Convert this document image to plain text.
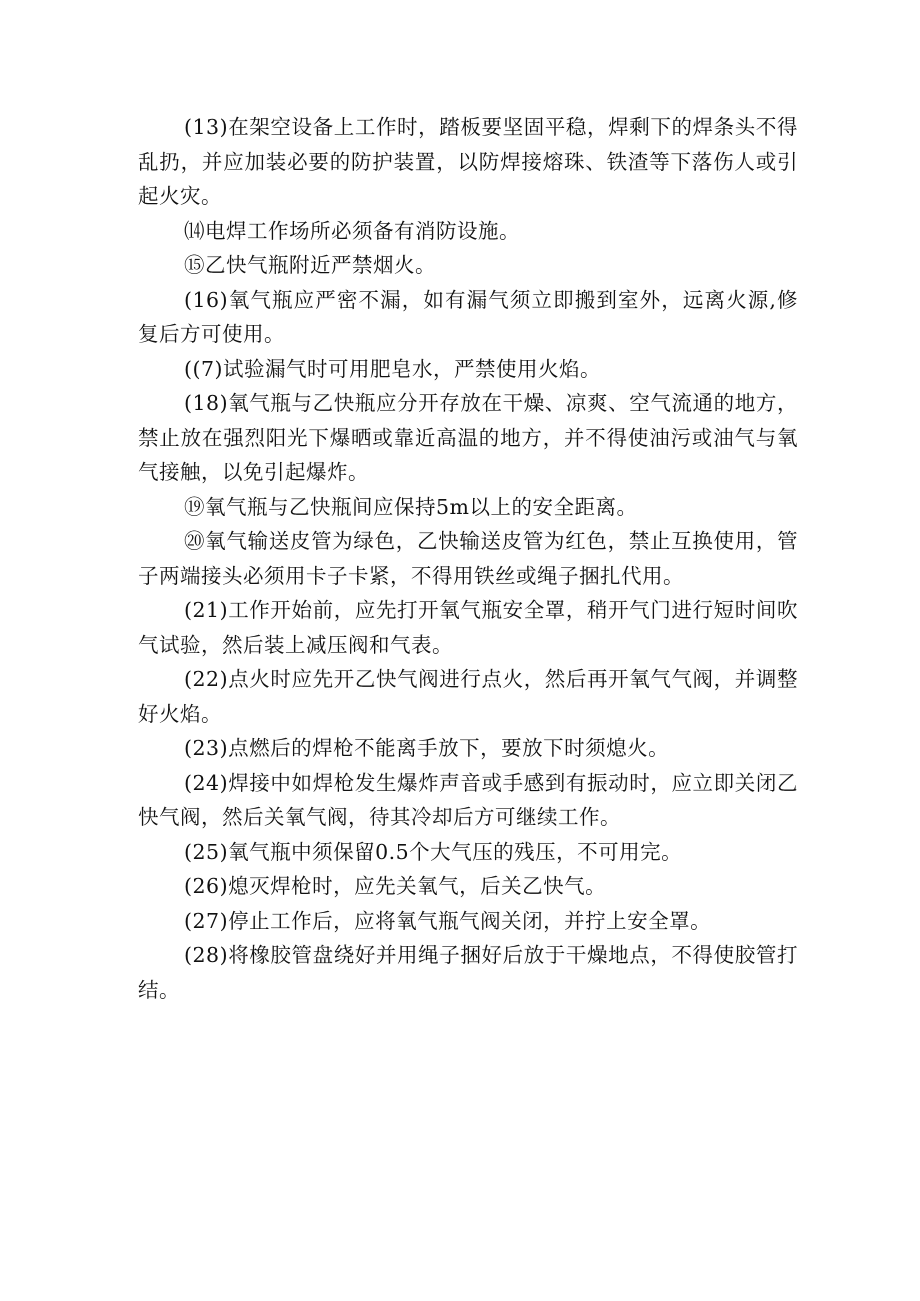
(13)在架空设备上工作时，踏板要坚固平稳，焊剩下的焊条头不得乱扔，并应加装必要的防护装置，以防焊接熔珠、铁渣等下落伤人或引起火灾。

⒁电焊工作场所必须备有消防设施。

⑮乙快气瓶附近严禁烟火。

(16)氧气瓶应严密不漏，如有漏气须立即搬到室外，远离火源,修复后方可使用。

((7)试验漏气时可用肥皂水，严禁使用火焰。

(18)氧气瓶与乙快瓶应分开存放在干燥、凉爽、空气流通的地方，禁止放在强烈阳光下爆晒或靠近高温的地方，并不得使油污或油气与氧气接触，以免引起爆炸。

⑲氧气瓶与乙快瓶间应保持5m以上的安全距离。

⑳氧气输送皮管为绿色，乙快输送皮管为红色，禁止互换使用，管子两端接头必须用卡子卡紧，不得用铁丝或绳子捆扎代用。

(21)工作开始前，应先打开氧气瓶安全罩，稍开气门进行短时间吹气试验，然后装上减压阀和气表。

(22)点火时应先开乙快气阀进行点火，然后再开氧气气阀，并调整好火焰。

(23)点燃后的焊枪不能离手放下，要放下时须熄火。

(24)焊接中如焊枪发生爆炸声音或手感到有振动时，应立即关闭乙快气阀，然后关氧气阀，待其冷却后方可继续工作。

(25)氧气瓶中须保留0.5个大气压的残压，不可用完。

(26)熄灭焊枪时，应先关氧气，后关乙快气。

(27)停止工作后，应将氧气瓶气阀关闭，并拧上安全罩。

(28)将橡胶管盘绕好并用绳子捆好后放于干燥地点，不得使胶管打结。
